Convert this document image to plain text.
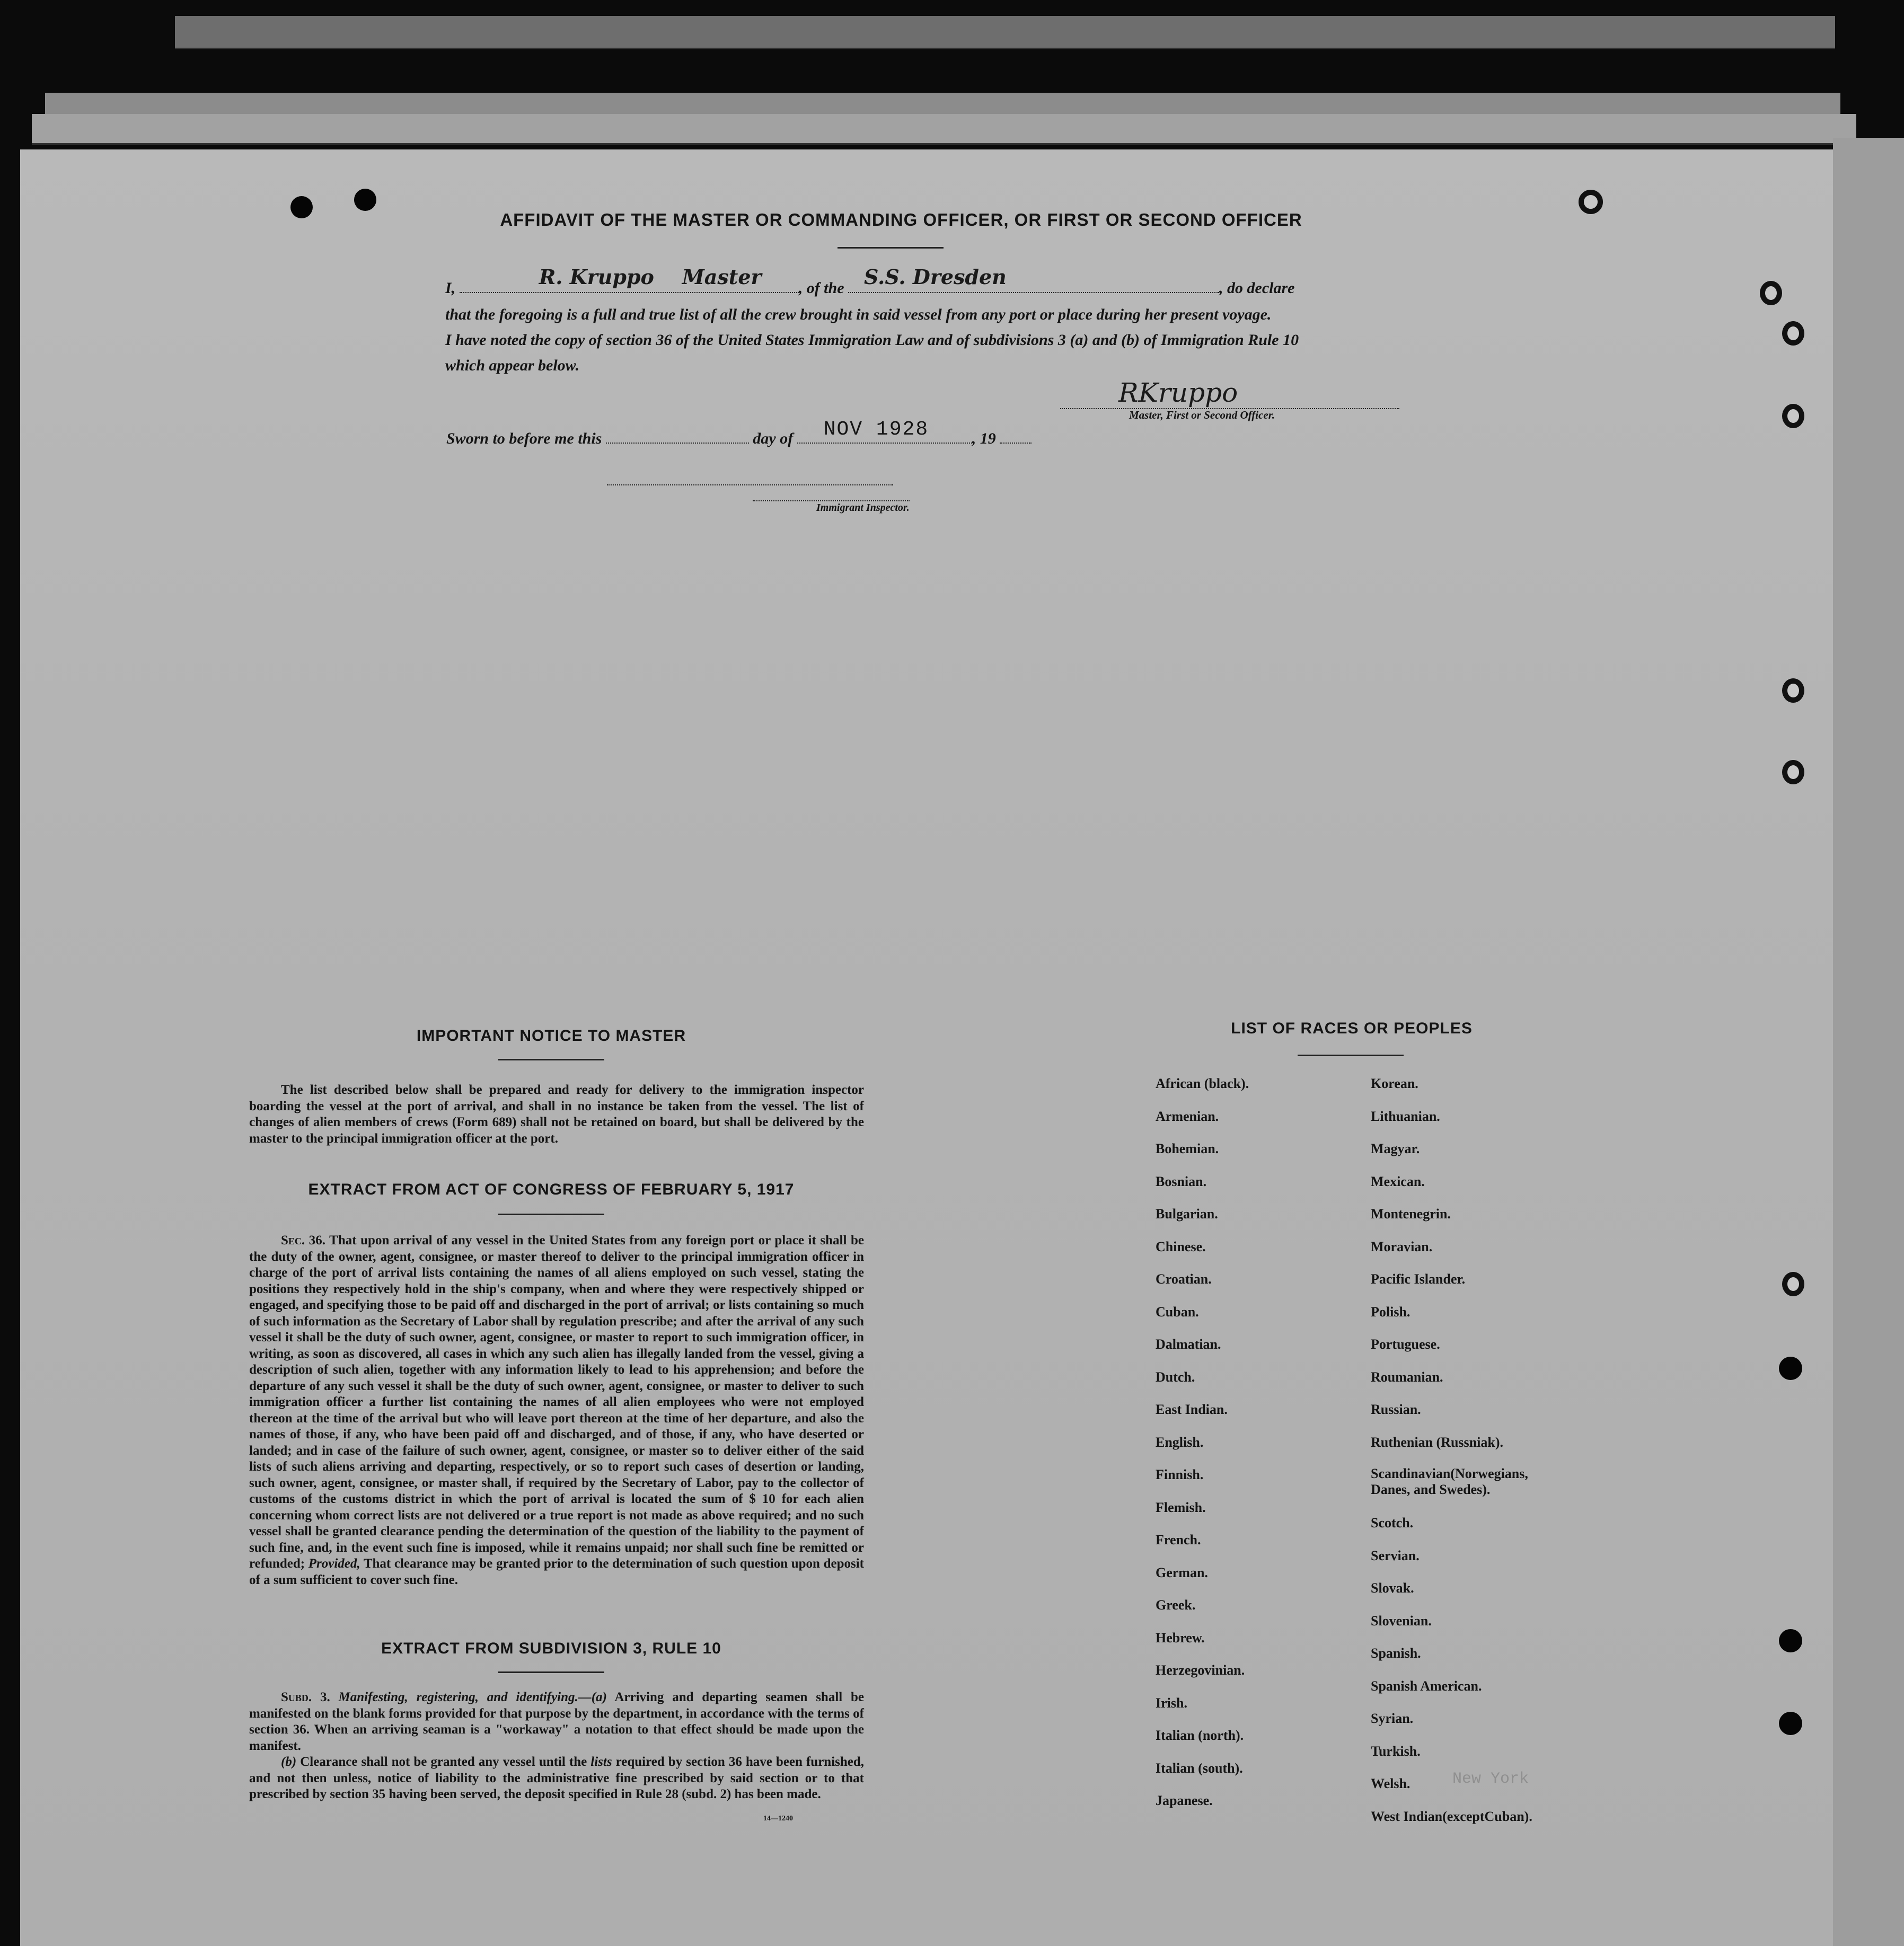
New York
AFFIDAVIT OF THE MASTER OR COMMANDING OFFICER, OR FIRST OR SECOND OFFICER
I,	R. Kruppo Master , of the S.S. Dresden	, do declare
that the foregoing is a full and true list of all the crew brought in said vessel from any port or place during her present voyage.
I have noted the copy of section 36 of the United States Immigration Law and of subdivisions 3 (a) and (b) of Immigration Rule 10
which appear below.
RKruppo
Master, First or Second Officer.
Sworn to before me this	day of NOV 1928	, 19
Immigrant Inspector.
IMPORTANT NOTICE TO MASTER
The list described below shall be prepared and ready for delivery to the immigration inspector boarding the vessel at the port of arrival, and shall in no instance be taken from the vessel. The list of changes of alien members of crews (Form 689) shall not be retained on board, but shall be delivered by the master to the principal immigration officer at the port.
EXTRACT FROM ACT OF CONGRESS OF FEBRUARY 5, 1917
Sec. 36. That upon arrival of any vessel in the United States from any foreign port or place it shall be the duty of the owner, agent, consignee, or master thereof to deliver to the principal immigration officer in charge of the port of arrival lists containing the names of all aliens employed on such vessel, stating the positions they respectively hold in the ship's company, when and where they were respectively shipped or engaged, and specifying those to be paid off and discharged in the port of arrival; or lists containing so much of such information as the Secretary of Labor shall by regulation prescribe; and after the arrival of any such vessel it shall be the duty of such owner, agent, consignee, or master to report to such immigration officer, in writing, as soon as discovered, all cases in which any such alien has illegally landed from the vessel, giving a description of such alien, together with any information likely to lead to his apprehension; and before the departure of any such vessel it shall be the duty of such owner, agent, consignee, or master to deliver to such immigration officer a further list containing the names of all alien employees who were not employed thereon at the time of the arrival but who will leave port thereon at the time of her departure, and also the names of those, if any, who have been paid off and discharged, and of those, if any, who have deserted or landed; and in case of the failure of such owner, agent, consignee, or master so to deliver either of the said lists of such aliens arriving and departing, respectively, or so to report such cases of desertion or landing, such owner, agent, consignee, or master shall, if required by the Secretary of Labor, pay to the collector of customs of the customs district in which the port of arrival is located the sum of $ 10 for each alien concerning whom correct lists are not delivered or a true report is not made as above required; and no such vessel shall be granted clearance pending the determination of the question of the liability to the payment of such fine, and, in the event such fine is imposed, while it remains unpaid; nor shall such fine be remitted or refunded; Provided, That clearance may be granted prior to the determination of such question upon deposit of a sum sufficient to cover such fine.
EXTRACT FROM SUBDIVISION 3, RULE 10
Subd. 3. Manifesting, registering, and identifying.—(a) Arriving and departing seamen shall be manifested on the blank forms provided for that purpose by the department, in accordance with the terms of section 36. When an arriving seaman is a "workaway" a notation to that effect should be made upon the manifest.
(b) Clearance shall not be granted any vessel until the lists required by section 36 have been furnished, and not then unless, notice of liability to the administrative fine prescribed by said section or to that prescribed by section 35 having been served, the deposit specified in Rule 28 (subd. 2) has been made.
14—1240
LIST OF RACES OR PEOPLES
African (black).
Armenian.
Bohemian.
Bosnian.
Bulgarian.
Chinese.
Croatian.
Cuban.
Dalmatian.
Dutch.
East Indian.
English.
Finnish.
Flemish.
French.
German.
Greek.
Hebrew.
Herzegovinian.
Irish.
Italian (north).
Italian (south).
Japanese.
Korean.
Lithuanian.
Magyar.
Mexican.
Montenegrin.
Moravian.
Pacific Islander.
Polish.
Portuguese.
Roumanian.
Russian.
Ruthenian (Russniak).
Scandinavian(Norwegians,
Danes, and Swedes).
Scotch.
Servian.
Slovak.
Slovenian.
Spanish.
Spanish American.
Syrian.
Turkish.
Welsh.
West Indian(exceptCuban).
